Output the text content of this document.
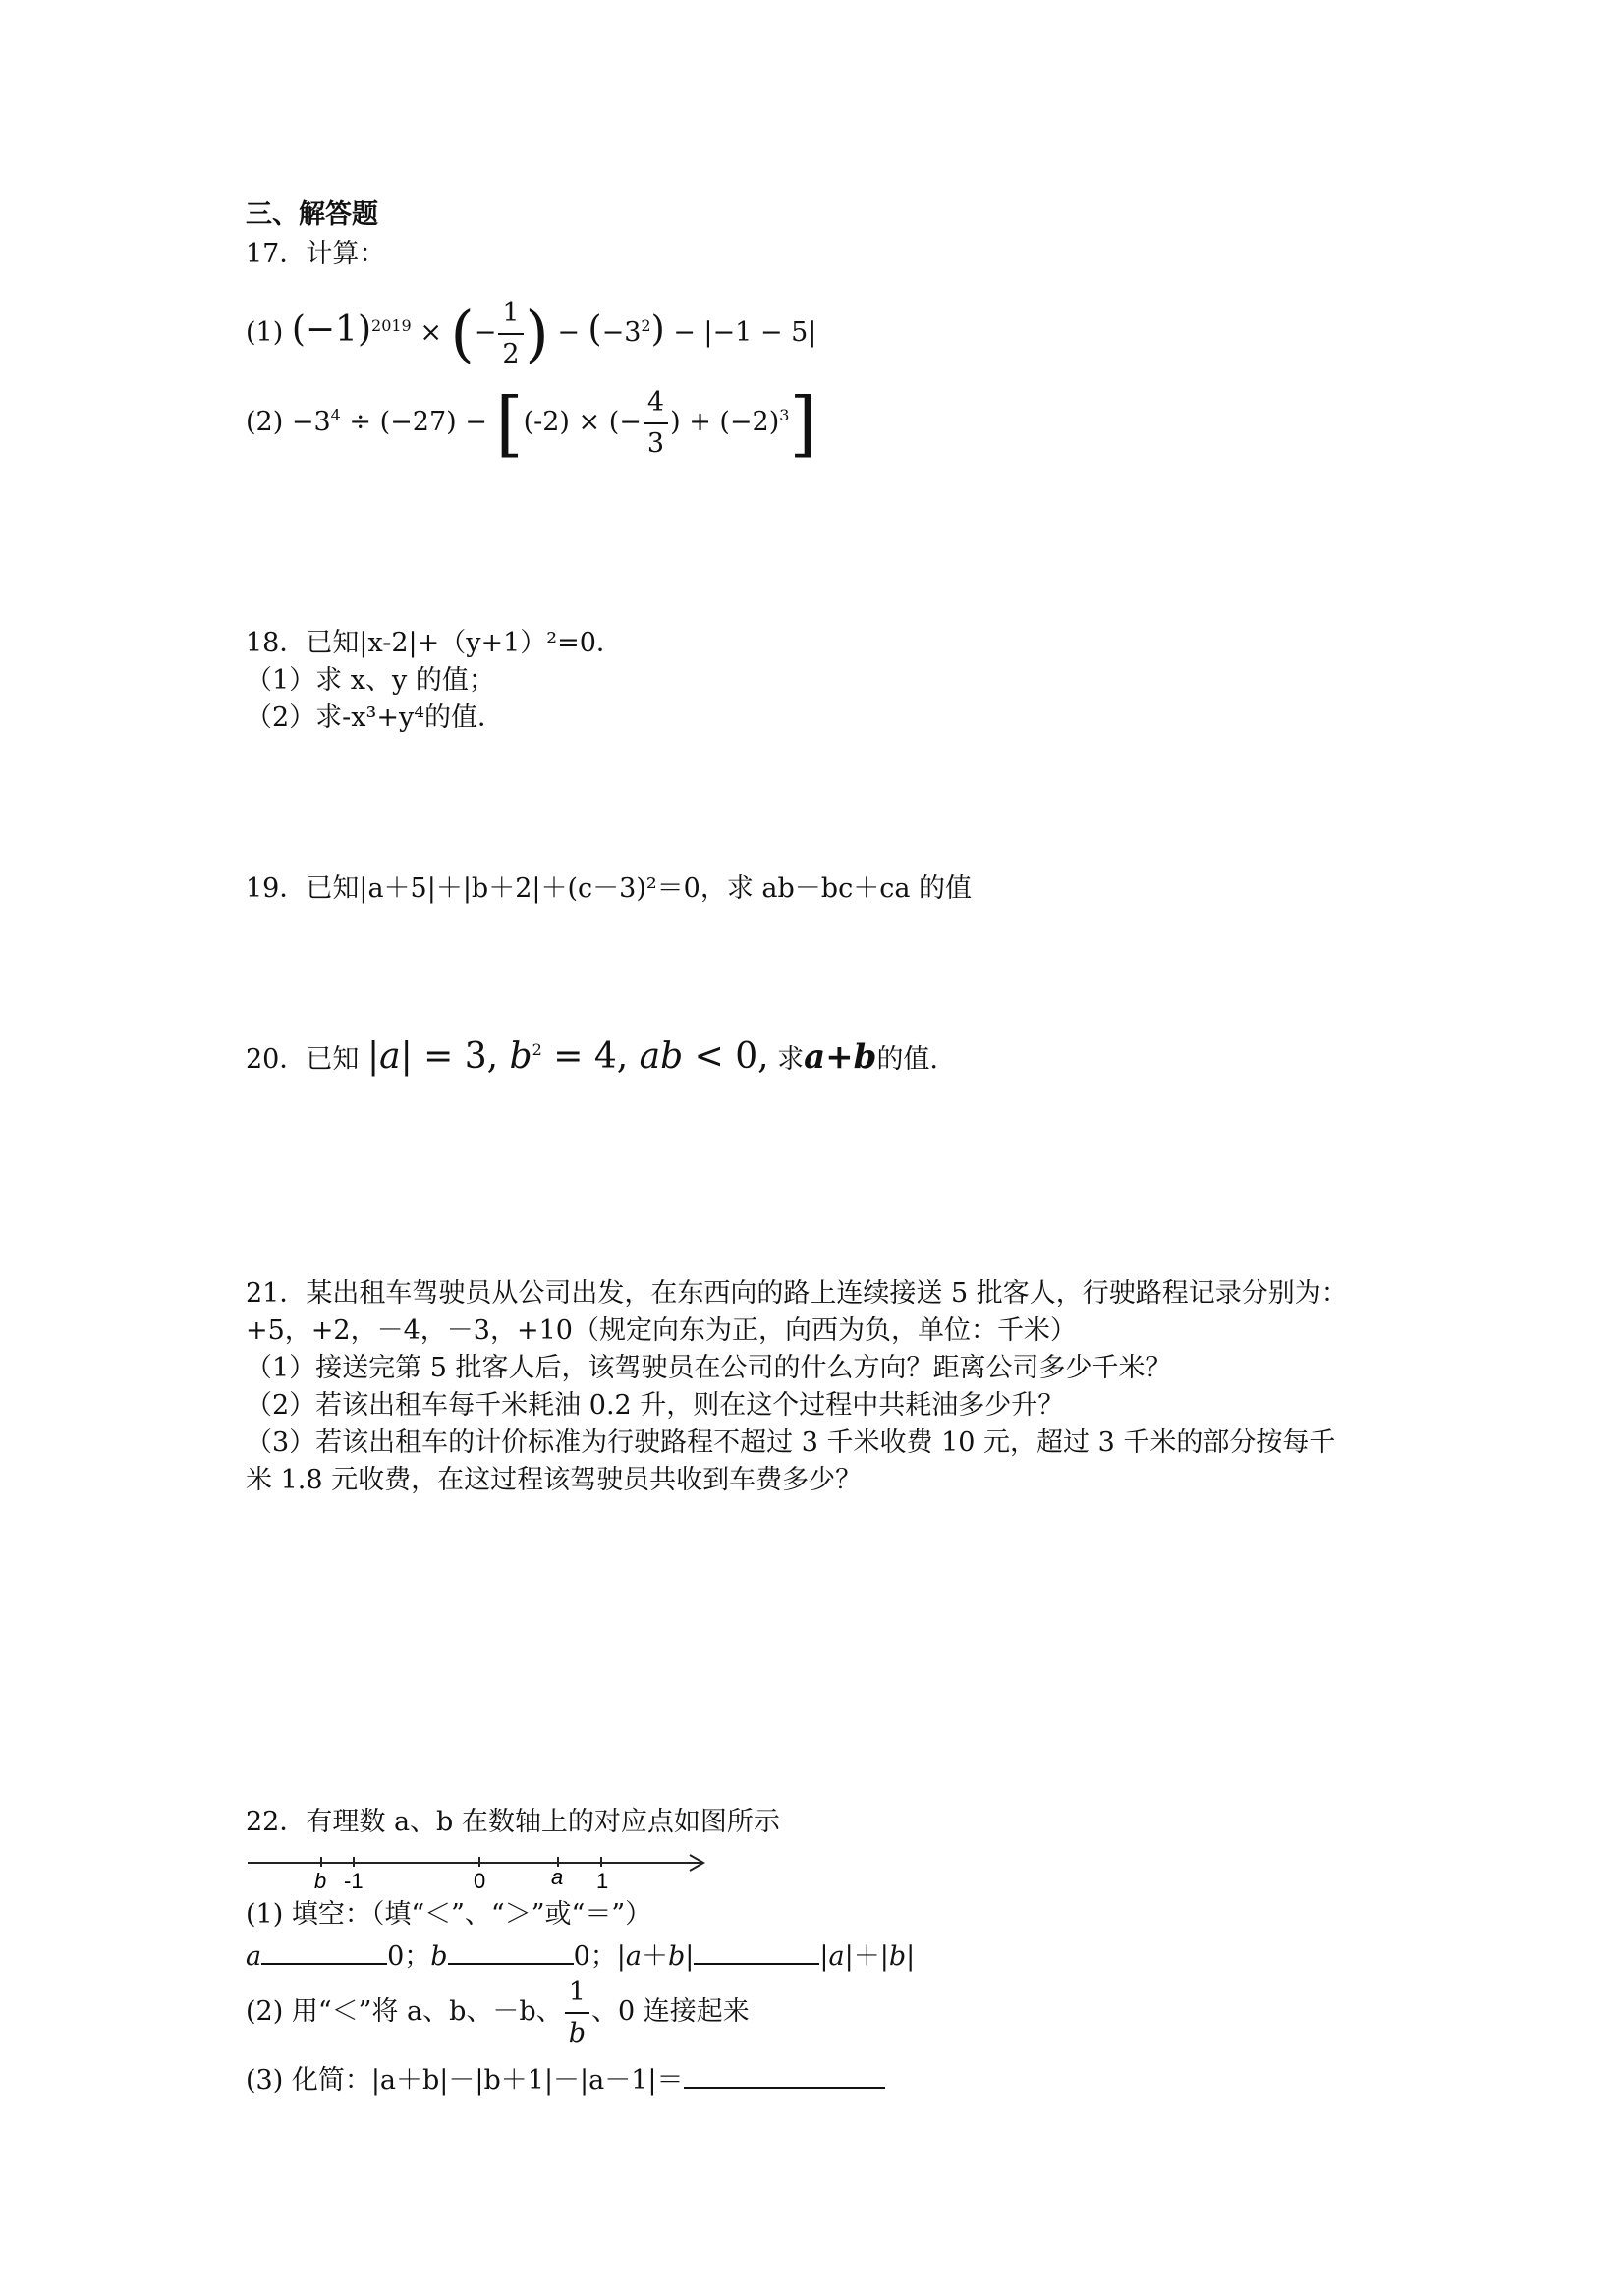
三、解答题
17．计算：
(1) $(-1)^{2019}$ × (− $\frac{1}{2}$ ) − $(-3^2) - |-1 - 5|$
$(2) -3^4 \div (-27) - [(-2)$ × (− $\frac{4}{3}$ ) + $(-2)^3$]
18．已知|x-2|+（y+1）²=0．
（1）求 x、y 的值；
（2）求-x³+y⁴的值．
19．已知|a＋5|＋|b＋2|＋(c－3)²＝0，求 ab－bc＋ca 的值
20．已知 |a| = 3, $b^2 = 4$, ab < 0, 求a+b的值.
21．某出租车驾驶员从公司出发，在东西向的路上连续接送 5 批客人，行驶路程记录分别为：
+5，+2，－4，－3，+10（规定向东为正，向西为负，单位：千米）
（1）接送完第 5 批客人后，该驾驶员在公司的什么方向？距离公司多少千米？
（2）若该出租车每千米耗油 0.2 升，则在这个过程中共耗油多少升？
（3）若该出租车的计价标准为行驶路程不超过 3 千米收费 10 元，超过 3 千米的部分按每千
米 1.8 元收费，在这过程该驾驶员共收到车费多少？
22．有理数 a、b 在数轴上的对应点如图所示
b -1	0	a 1
(1) 填空：（填“＜”、“＞”或“＝”）
a	0；b	0；|a＋b|	|a|＋|b|
(2) 用“＜”将 a、b、－b、 $\frac{1}{b}$ 、0 连接起来
(3) 化简：|a＋b|－|b＋1|－|a－1|＝
